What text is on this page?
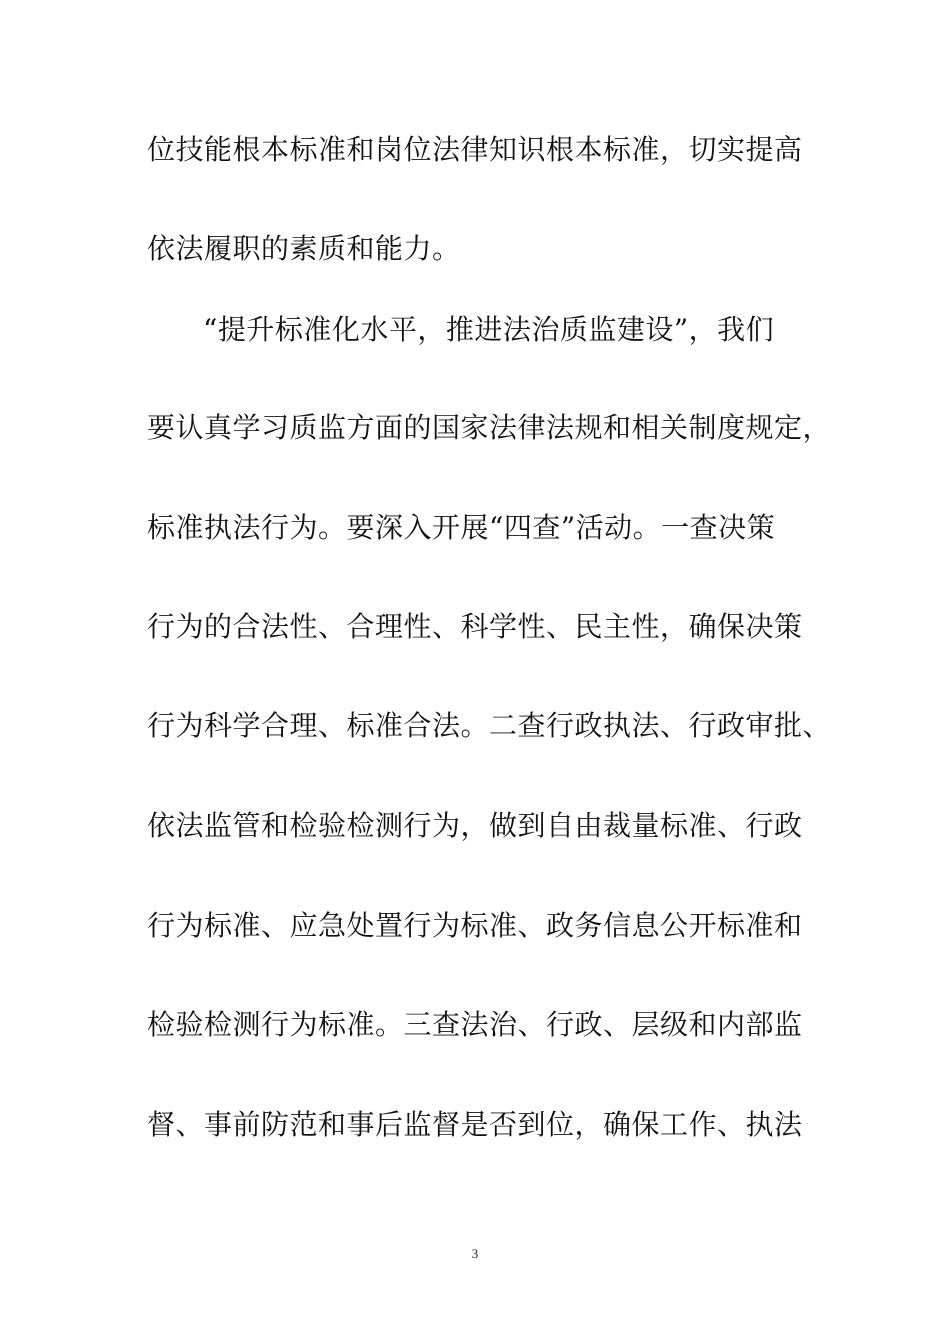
位技能根本标准和岗位法律知识根本标准，切实提高
依法履职的素质和能力。
“提升标准化水平，推进法治质监建设”，我们
要认真学习质监方面的国家法律法规和相关制度规定，
标准执法行为。要深入开展“四查”活动。一查决策
行为的合法性、合理性、科学性、民主性，确保决策
行为科学合理、标准合法。二查行政执法、行政审批、
依法监管和检验检测行为，做到自由裁量标准、行政
行为标准、应急处置行为标准、政务信息公开标准和
检验检测行为标准。三查法治、行政、层级和内部监
督、事前防范和事后监督是否到位，确保工作、执法
3
